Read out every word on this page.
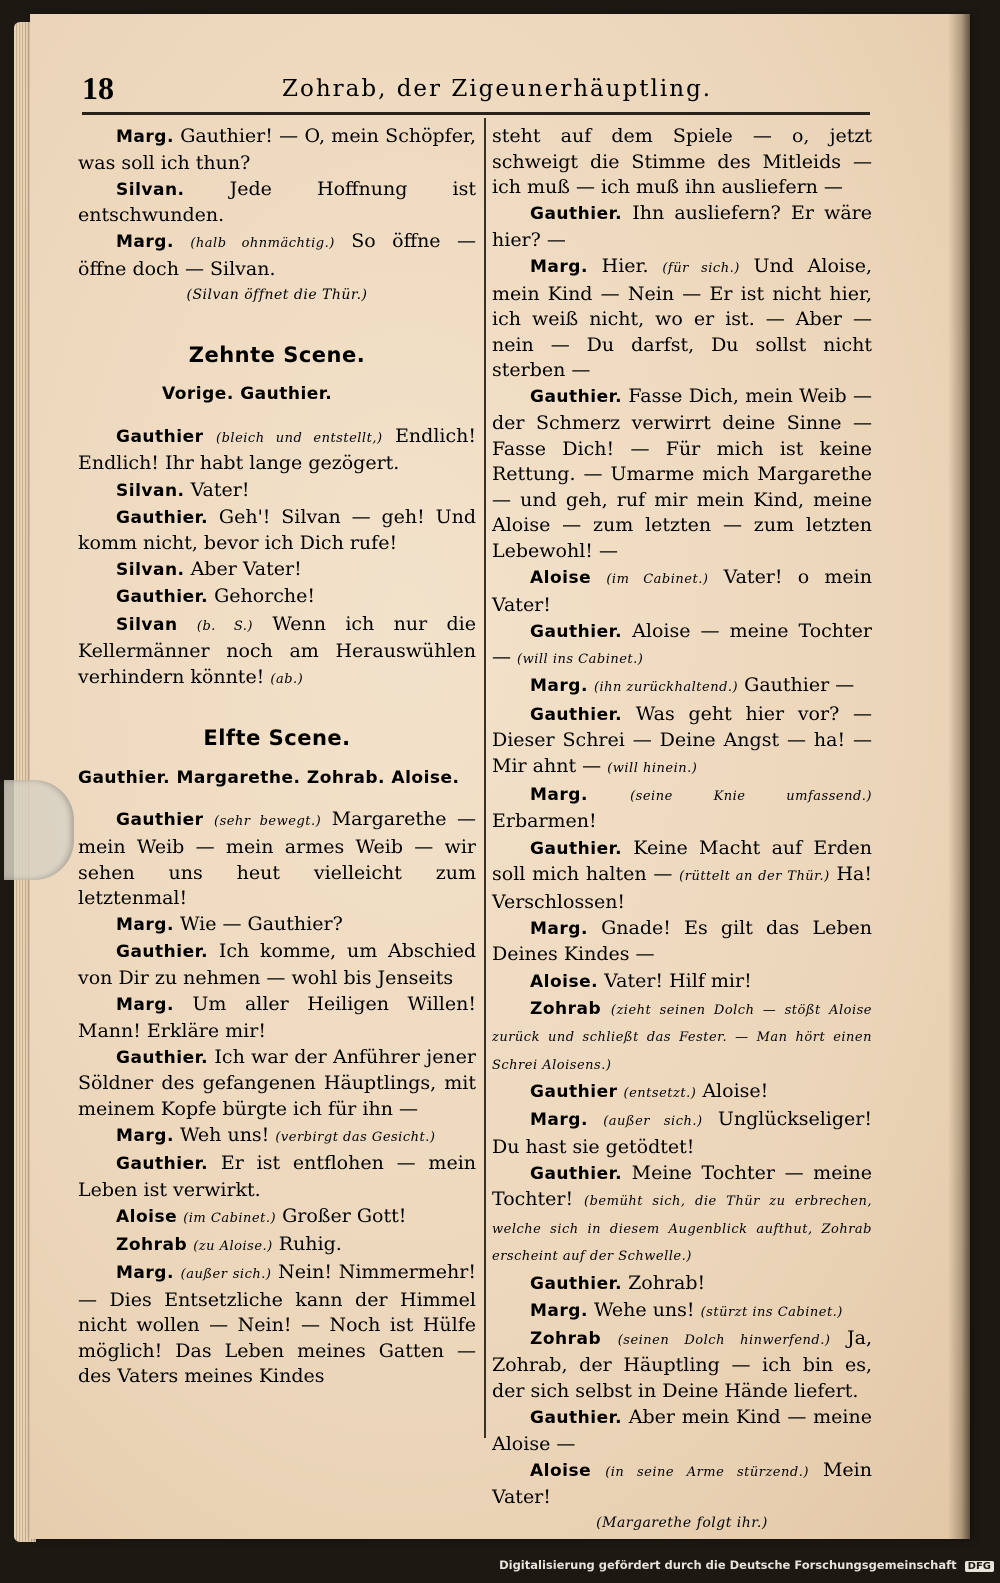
18	Zohrab, der Zigeunerhäuptling.
Marg. Gauthier! — O, mein Schöpfer, was soll ich thun?
Silvan. Jede Hoffnung ist entschwunden.
Marg. (halb ohnmächtig.) So öffne — öffne doch — Silvan.
(Silvan öffnet die Thür.)
Zehnte Scene.
Vorige. Gauthier.
Gauthier (bleich und entstellt,) Endlich! Endlich! Ihr habt lange gezögert.
Silvan. Vater!
Gauthier. Geh'! Silvan — geh! Und komm nicht, bevor ich Dich rufe!
Silvan. Aber Vater!
Gauthier. Gehorche!
Silvan (b. S.) Wenn ich nur die Kellermänner noch am Herauswühlen verhindern könnte! (ab.)
Elfte Scene.
Gauthier. Margarethe. Zohrab. Aloise.
Gauthier (sehr bewegt.) Margarethe — mein Weib — mein armes Weib — wir sehen uns heut vielleicht zum letztenmal!
Marg. Wie — Gauthier?
Gauthier. Ich komme, um Abschied von Dir zu nehmen — wohl bis Jenseits
Marg. Um aller Heiligen Willen! Mann! Erkläre mir!
Gauthier. Ich war der Anführer jener Söldner des gefangenen Häuptlings, mit meinem Kopfe bürgte ich für ihn —
Marg. Weh uns! (verbirgt das Gesicht.)
Gauthier. Er ist entflohen — mein Leben ist verwirkt.
Aloise (im Cabinet.) Großer Gott!
Zohrab (zu Aloise.) Ruhig.
Marg. (außer sich.) Nein! Nimmermehr! — Dies Entsetzliche kann der Himmel nicht wollen — Nein! — Noch ist Hülfe möglich! Das Leben meines Gatten — des Vaters meines Kindes
steht auf dem Spiele — o, jetzt schweigt die Stimme des Mitleids — ich muß — ich muß ihn ausliefern —
Gauthier. Ihn ausliefern? Er wäre hier? —
Marg. Hier. (für sich.) Und Aloise, mein Kind — Nein — Er ist nicht hier, ich weiß nicht, wo er ist. — Aber — nein — Du darfst, Du sollst nicht sterben —
Gauthier. Fasse Dich, mein Weib — der Schmerz verwirrt deine Sinne — Fasse Dich! — Für mich ist keine Rettung. — Umarme mich Margarethe — und geh, ruf mir mein Kind, meine Aloise — zum letzten — zum letzten Lebewohl! —
Aloise (im Cabinet.) Vater! o mein Vater!
Gauthier. Aloise — meine Tochter — (will ins Cabinet.)
Marg. (ihn zurückhaltend.) Gauthier —
Gauthier. Was geht hier vor? — Dieser Schrei — Deine Angst — ha! — Mir ahnt — (will hinein.)
Marg.	(seine Knie umfassend.) Erbarmen!
Gauthier. Keine Macht auf Erden soll mich halten — (rüttelt an der Thür.) Ha! Verschlossen!
Marg. Gnade! Es gilt das Leben Deines Kindes —
Aloise. Vater! Hilf mir!
Zohrab (zieht seinen Dolch — stößt Aloise zurück und schließt das Fester. — Man hört einen Schrei Aloisens.)
Gauthier (entsetzt.) Aloise!
Marg. (außer sich.) Unglückseliger! Du hast sie getödtet!
Gauthier. Meine Tochter — meine Tochter! (bemüht sich, die Thür zu erbrechen, welche sich in diesem Augenblick aufthut, Zohrab erscheint auf der Schwelle.)
Gauthier. Zohrab!
Marg. Wehe uns! (stürzt ins Cabinet.)
Zohrab (seinen Dolch hinwerfend.) Ja, Zohrab, der Häuptling — ich bin es, der sich selbst in Deine Hände liefert.
Gauthier. Aber mein Kind — meine Aloise —
Aloise (in seine Arme stürzend.) Mein Vater!
(Margarethe folgt ihr.)
Digitalisierung gefördert durch die Deutsche Forschungsgemeinschaft DFG
